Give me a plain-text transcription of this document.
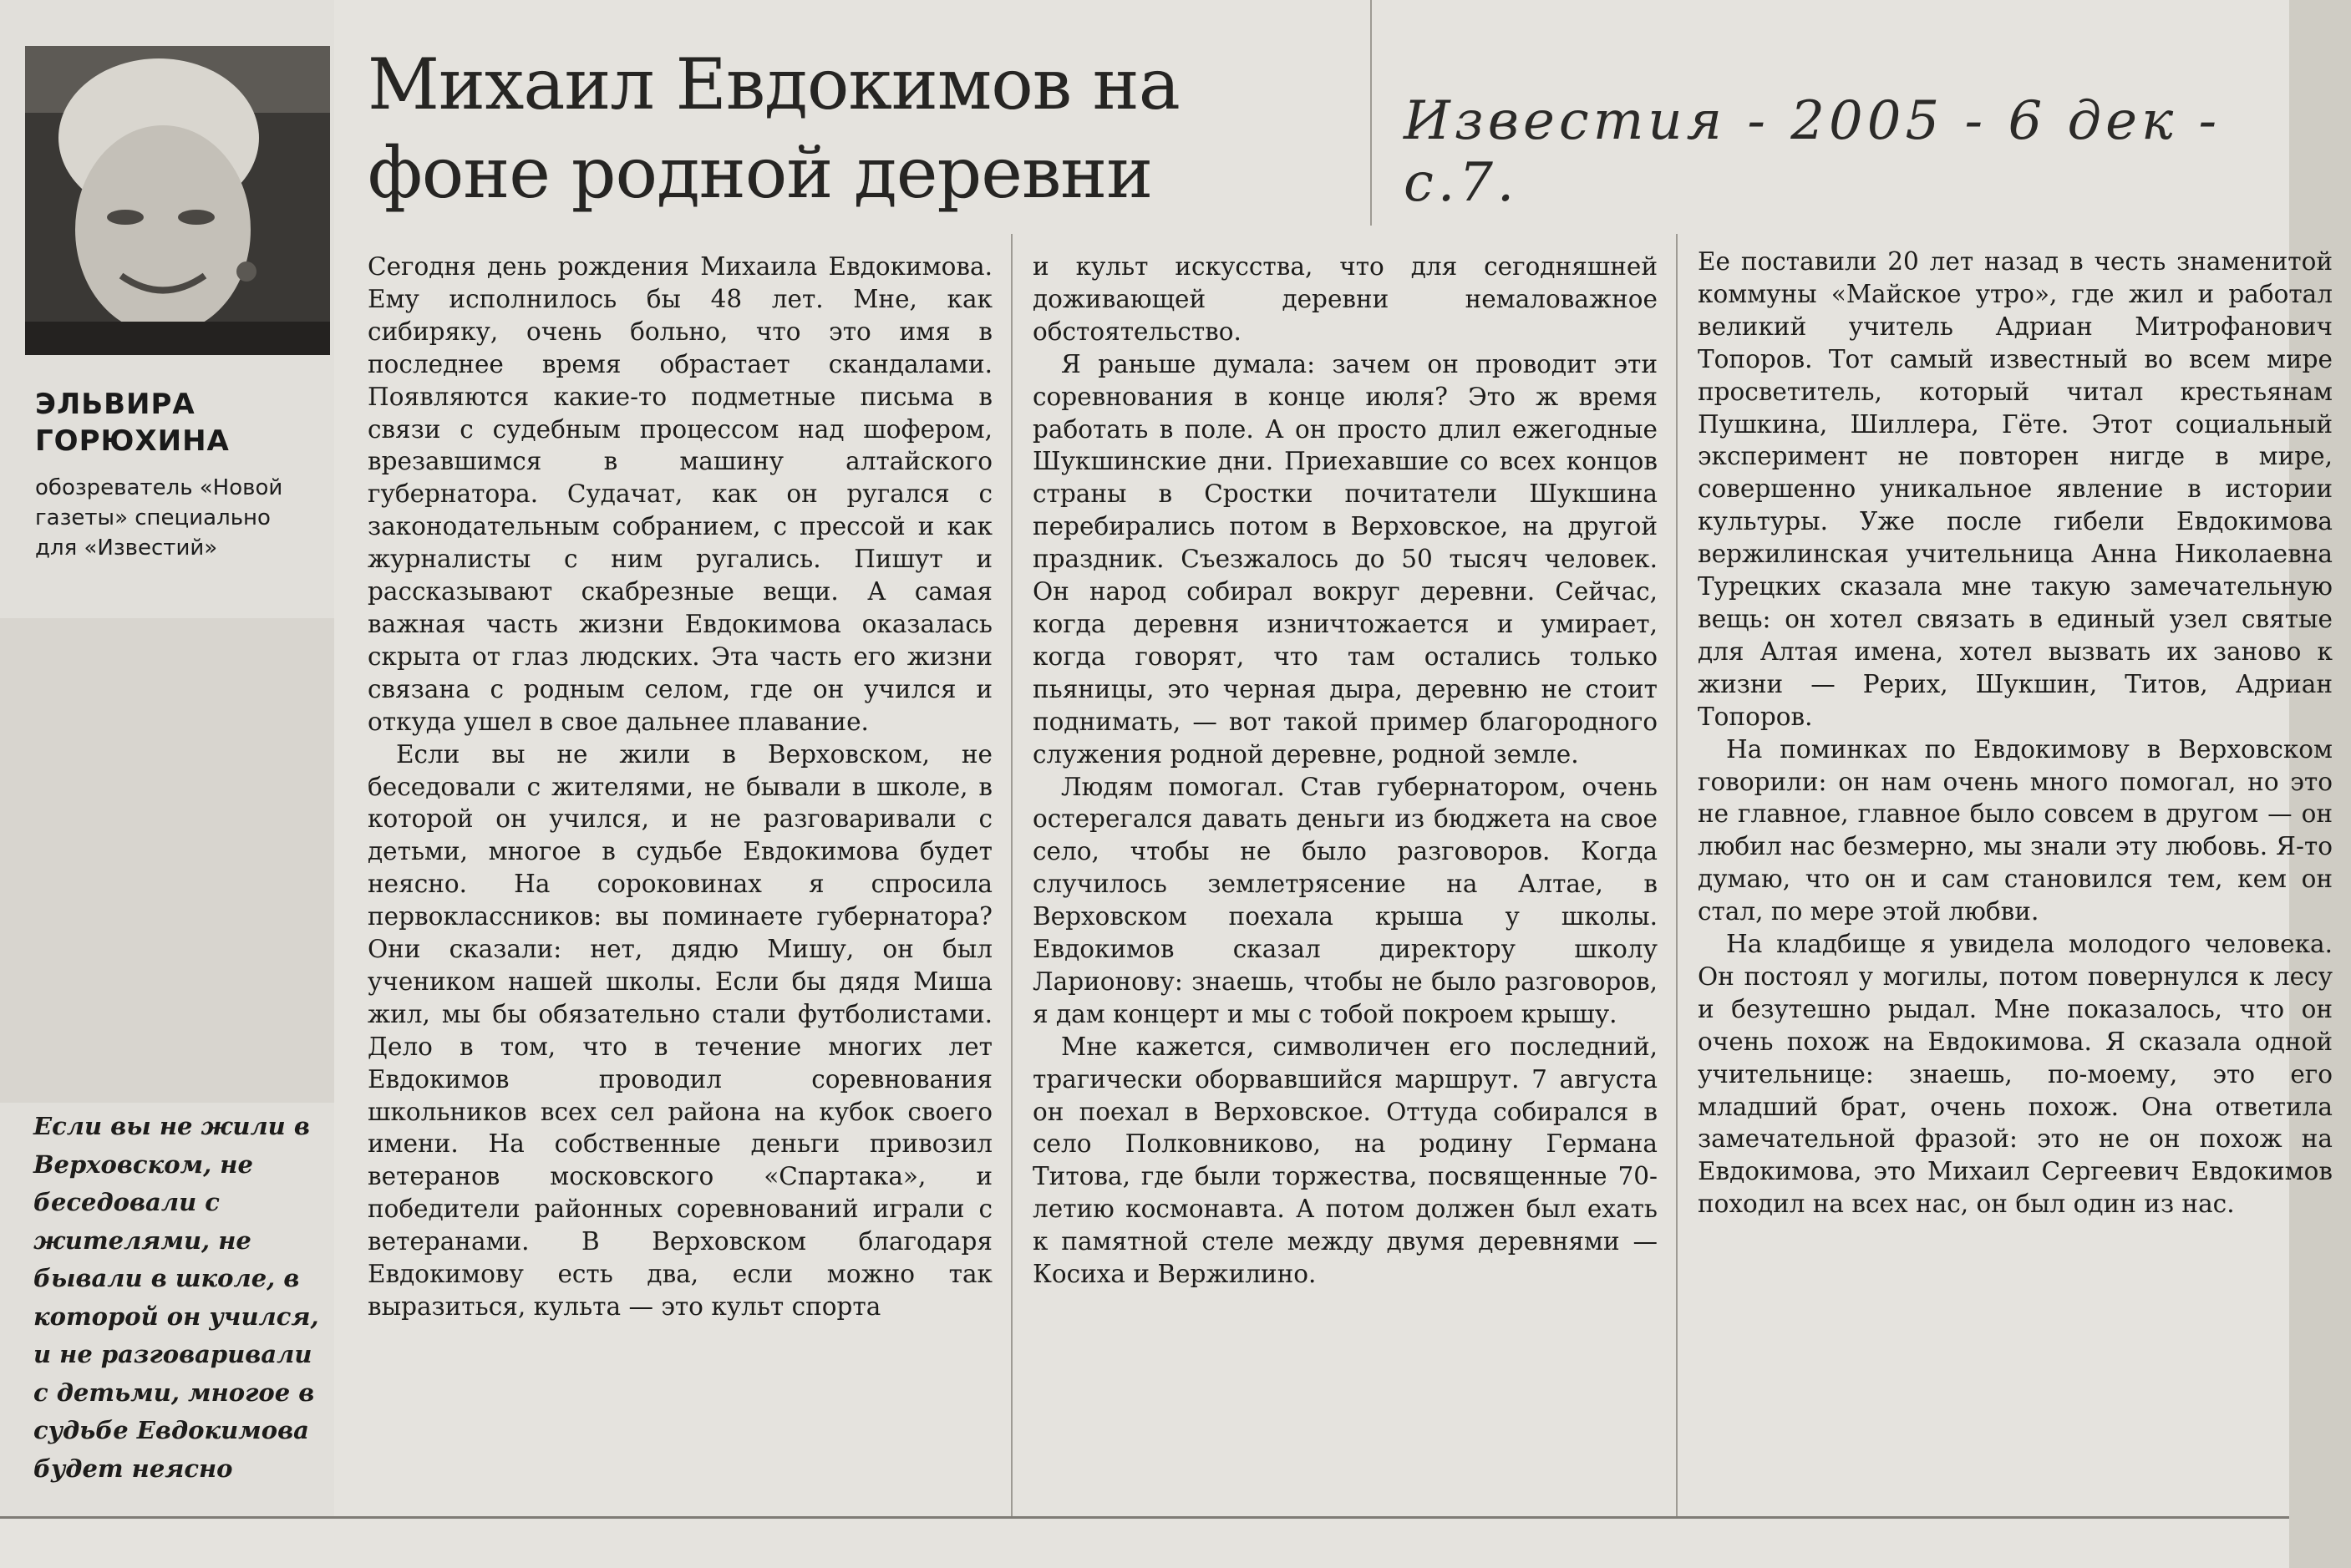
ЭЛЬВИРА ГОРЮХИНА
обозреватель «Новой газеты» специально для «Известий»
Если вы не жили в Верховском, не беседовали с жителями, не бывали в школе, в которой он учился, и не разговаривали с детьми, многое в судьбе Евдокимова будет неясно
Михаил Евдокимов на фоне родной деревни

Известия - 2005 - 6 дек - с.7.

Сегодня день рождения Михаила Евдокимова. Ему исполнилось бы 48 лет. Мне, как сибиряку, очень больно, что это имя в последнее время обрастает скандалами. Появляются какие-то подметные письма в связи с судебным процессом над шофером, врезавшимся в машину алтайского губернатора. Судачат, как он ругался с законодательным собранием, с прессой и как журналисты с ним ругались. Пишут и рассказывают скабрезные вещи. А самая важная часть жизни Евдокимова оказалась скрыта от глаз людских. Эта часть его жизни связана с родным селом, где он учился и откуда ушел в свое дальнее плавание.

Если вы не жили в Верховском, не беседовали с жителями, не бывали в школе, в которой он учился, и не разговаривали с детьми, многое в судьбе Евдокимова будет неясно. На сороковинах я спросила первоклассников: вы поминаете губернатора? Они сказали: нет, дядю Мишу, он был учеником нашей школы. Если бы дядя Миша жил, мы бы обязательно стали футболистами. Дело в том, что в течение многих лет Евдокимов проводил соревнования школьников всех сел района на кубок своего имени. На собственные деньги привозил ветеранов московского «Спартака», и победители районных соревнований играли с ветеранами. В Верховском благодаря Евдокимову есть два, если можно так выразиться, культа — это культ спорта

и культ искусства, что для сегодняшней доживающей деревни немаловажное обстоятельство.

Я раньше думала: зачем он проводит эти соревнования в конце июля? Это ж время работать в поле. А он просто длил ежегодные Шукшинские дни. Приехавшие со всех концов страны в Сростки почитатели Шукшина перебирались потом в Верховское, на другой праздник. Съезжалось до 50 тысяч человек. Он народ собирал вокруг деревни. Сейчас, когда деревня изничтожается и умирает, когда говорят, что там остались только пьяницы, это черная дыра, деревню не стоит поднимать, — вот такой пример благородного служения родной деревне, родной земле.

Людям помогал. Став губернатором, очень остерегался давать деньги из бюджета на свое село, чтобы не было разговоров. Когда случилось землетрясение на Алтае, в Верховском поехала крыша у школы. Евдокимов сказал директору школу Ларионову: знаешь, чтобы не было разговоров, я дам концерт и мы с тобой покроем крышу.

Мне кажется, символичен его последний, трагически оборвавшийся маршрут. 7 августа он поехал в Верховское. Оттуда собирался в село Полковниково, на родину Германа Титова, где были торжества, посвященные 70-летию космонавта. А потом должен был ехать к памятной стеле между двумя деревнями — Косиха и Вержилино.

Ее поставили 20 лет назад в честь знаменитой коммуны «Майское утро», где жил и работал великий учитель Адриан Митрофанович Топоров. Тот самый известный во всем мире просветитель, который читал крестьянам Пушкина, Шиллера, Гёте. Этот социальный эксперимент не повторен нигде в мире, совершенно уникальное явление в истории культуры. Уже после гибели Евдокимова вержилинская учительница Анна Николаевна Турецких сказала мне такую замечательную вещь: он хотел связать в единый узел святые для Алтая имена, хотел вызвать их заново к жизни — Рерих, Шукшин, Титов, Адриан Топоров.

На поминках по Евдокимову в Верховском говорили: он нам очень много помогал, но это не главное, главное было совсем в другом — он любил нас безмерно, мы знали эту любовь. Я-то думаю, что он и сам становился тем, кем он стал, по мере этой любви.

На кладбище я увидела молодого человека. Он постоял у могилы, потом повернулся к лесу и безутешно рыдал. Мне показалось, что он очень похож на Евдокимова. Я сказала одной учительнице: знаешь, по-моему, это его младший брат, очень похож. Она ответила замечательной фразой: это не он похож на Евдокимова, это Михаил Сергеевич Евдокимов походил на всех нас, он был один из нас.
